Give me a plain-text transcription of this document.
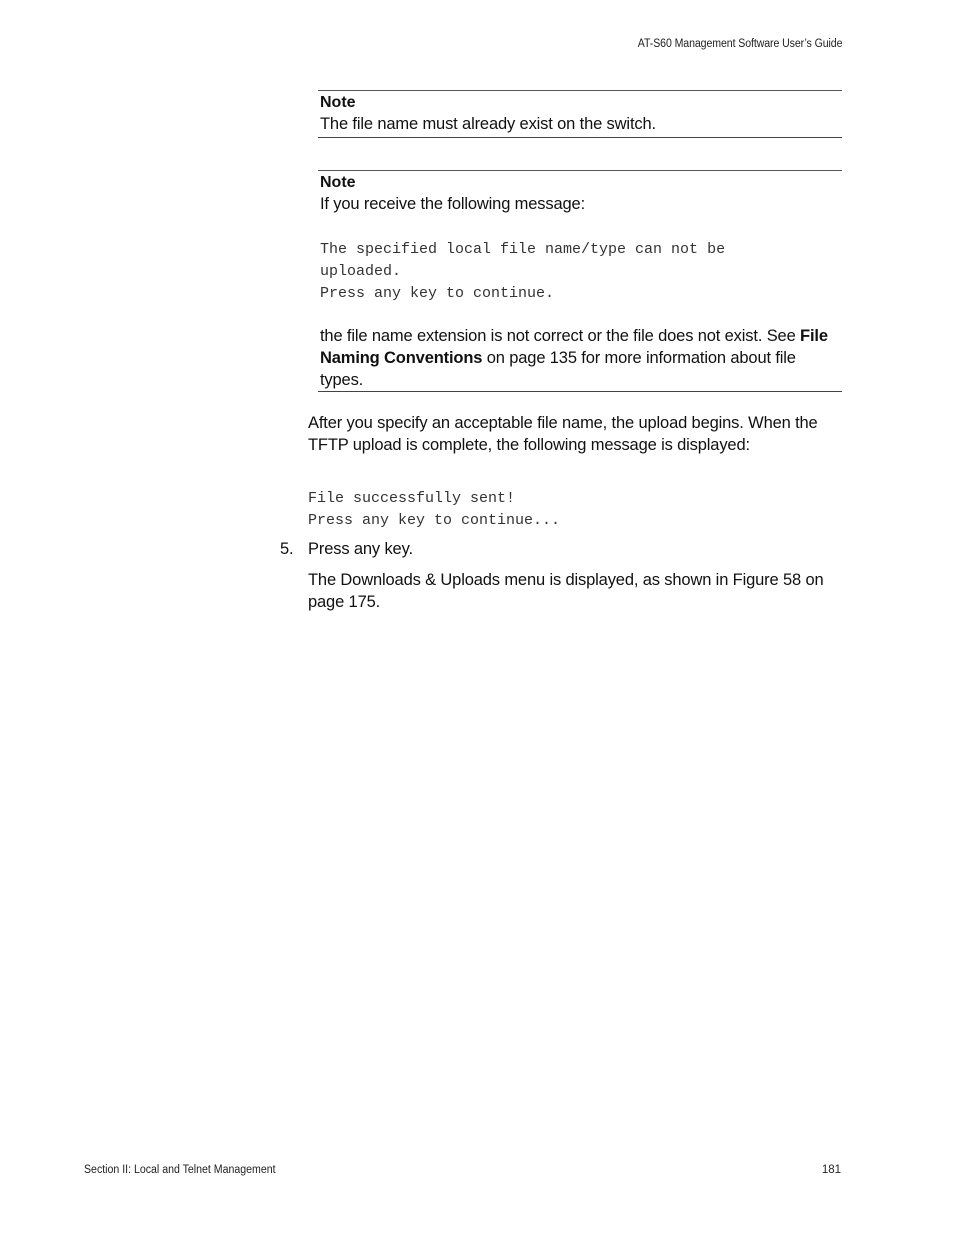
AT-S60 Management Software User’s Guide

Note

The file name must already exist on the switch.

Note

If you receive the following message:

The specified local file name/type can not be
uploaded.
Press any key to continue.

the file name extension is not correct or the file does not exist. See File Naming Conventions on page 135 for more information about file types.

After you specify an acceptable file name, the upload begins. When the TFTP upload is complete, the following message is displayed:

File successfully sent!
Press any key to continue...
5. Press any key.

The Downloads & Uploads menu is displayed, as shown in Figure 58 on page 175.

Section II: Local and Telnet Management	181
